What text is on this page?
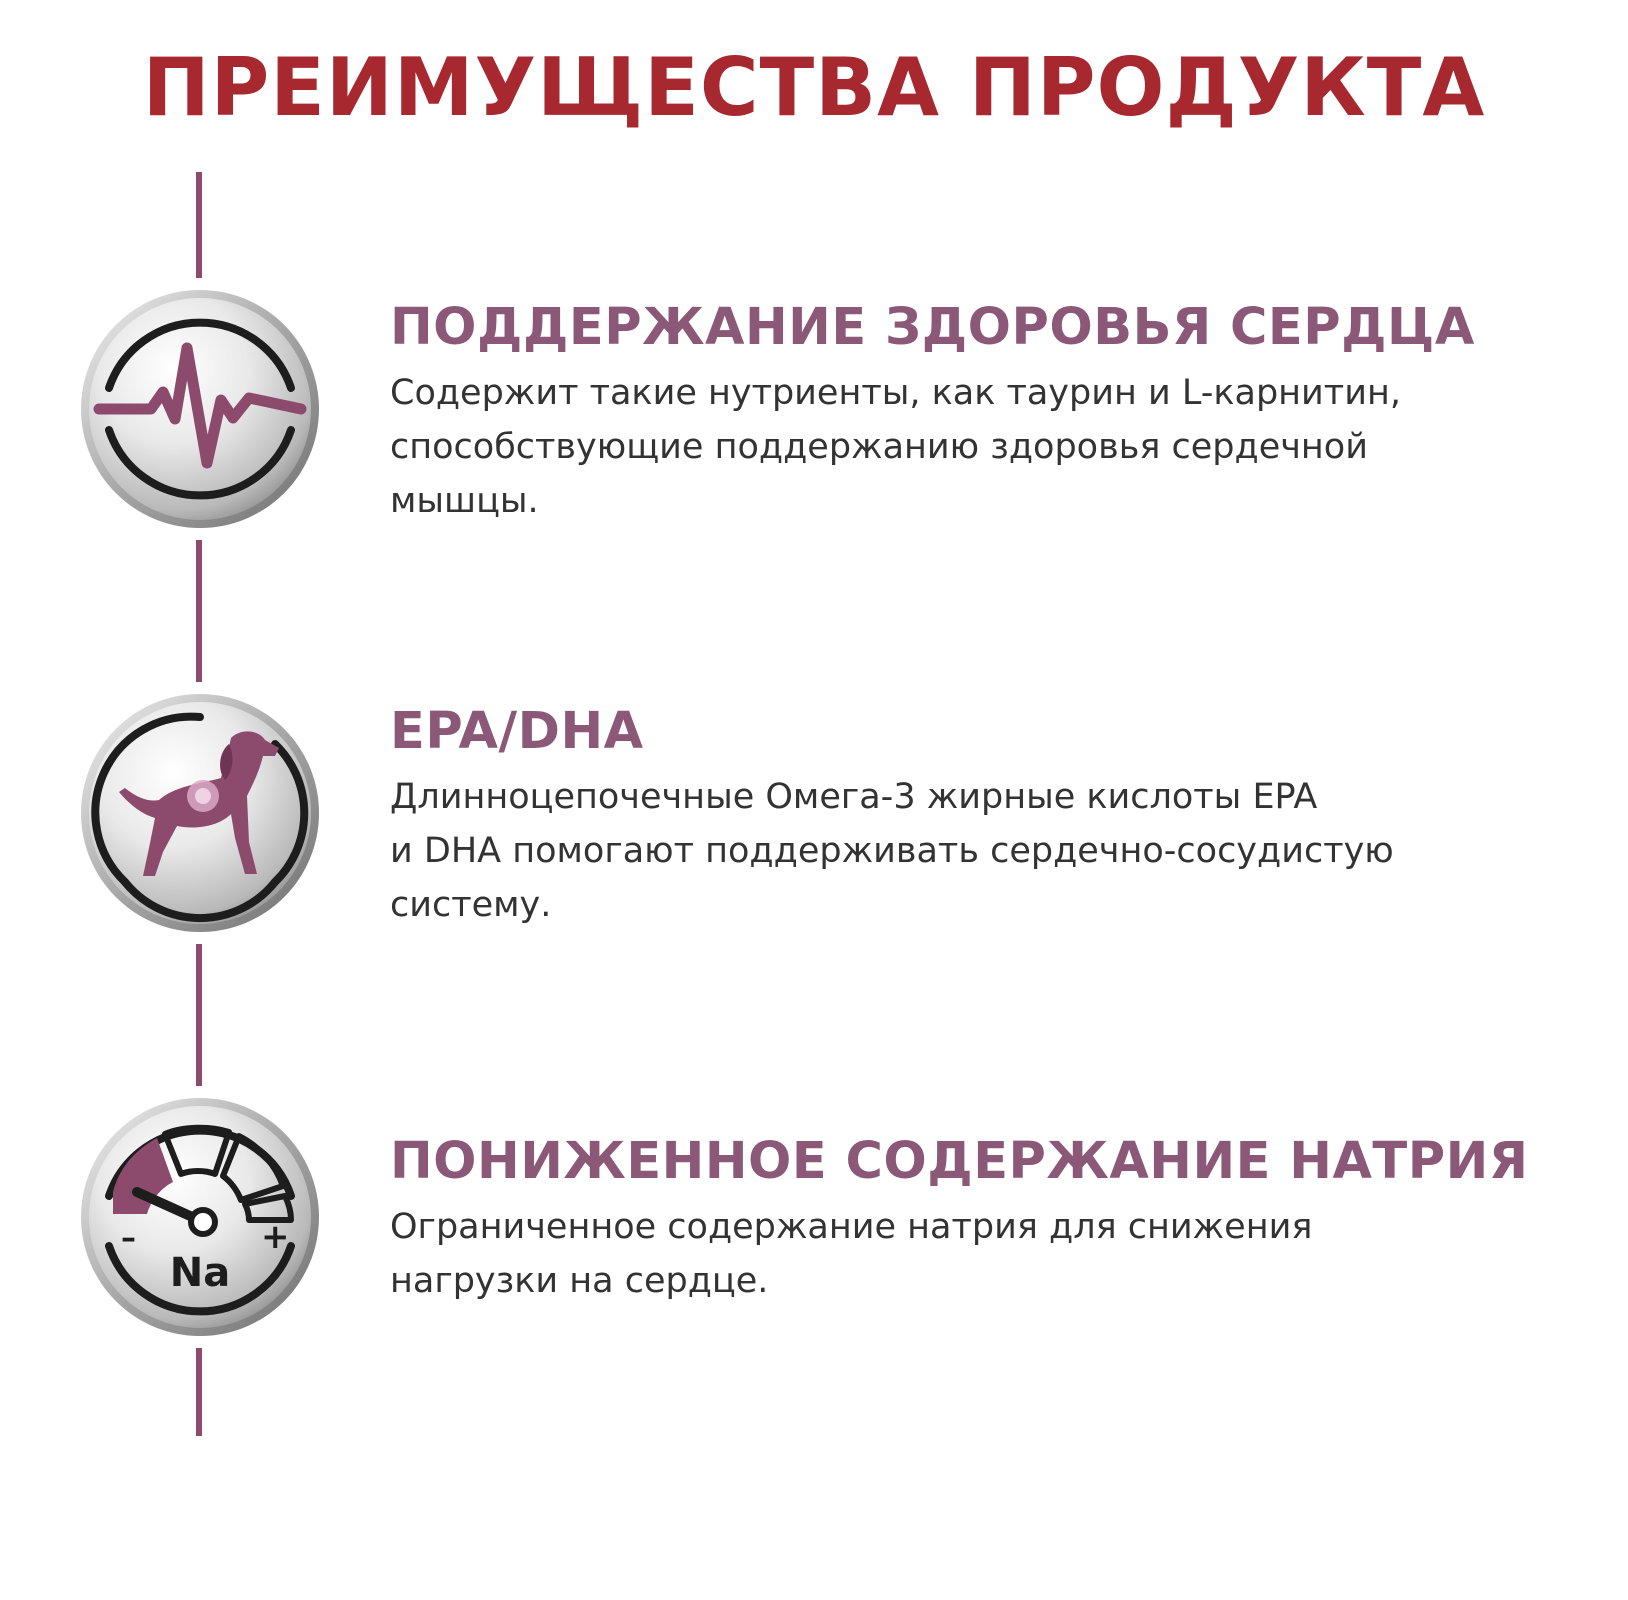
ПРЕИМУЩЕСТВА ПРОДУКТА
–	+
Na
ПОДДЕРЖАНИЕ ЗДОРОВЬЯ СЕРДЦА
Содержит такие нутриенты, как таурин и L-карнитин,
способствующие поддержанию здоровья сердечной
мышцы.
EPA/DHA
Длинноцепочечные Омега-3 жирные кислоты EPA
и DHA помогают поддерживать сердечно-сосудистую
систему.
ПОНИЖЕННОЕ СОДЕРЖАНИЕ НАТРИЯ
Ограниченное содержание натрия для снижения
нагрузки на сердце.
